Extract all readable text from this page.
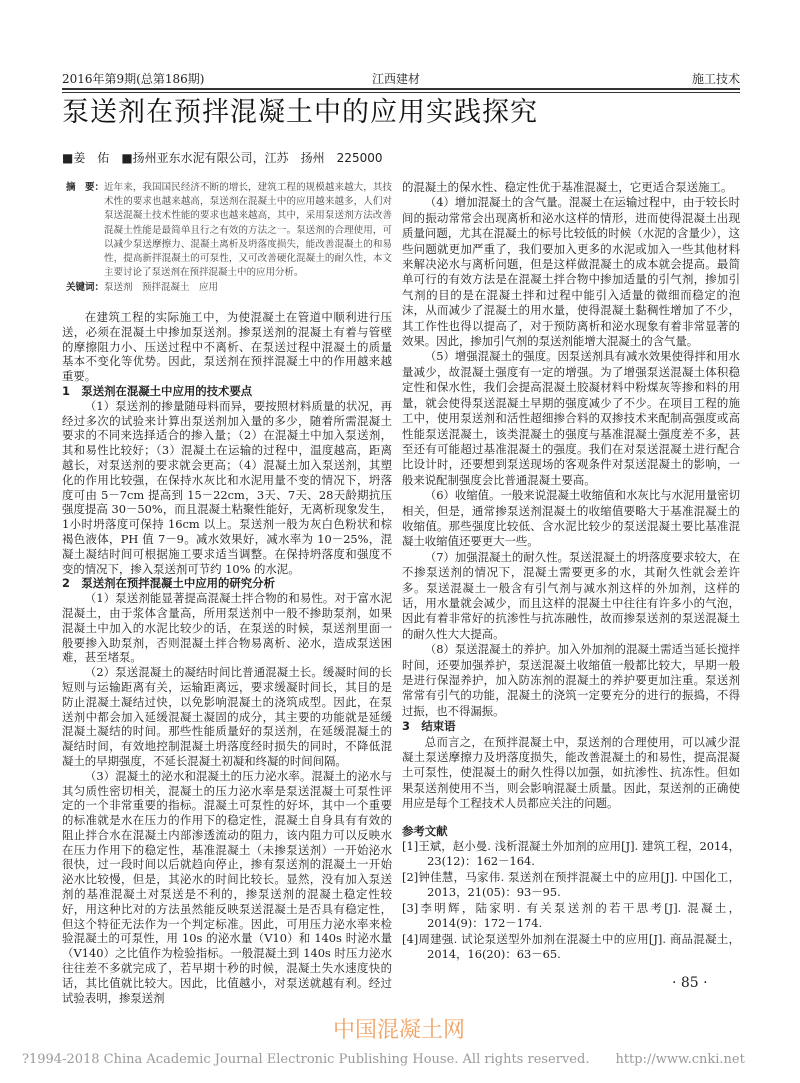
2016年第9期(总第186期)	江西建材	施工技术
泵送剂在预拌混凝土中的应用实践探究
■姜　佑　■扬州亚东水泥有限公司，江苏　扬州　225000
摘　要： 近年来，我国国民经济不断的增长，建筑工程的规模越来越大，其技术性的要求也越来越高，泵送剂在混凝土中的应用越来越多，人们对泵送混凝土技术性能的要求也越来越高，其中，采用泵送剂方法改善混凝土性能是最简单且行之有效的方法之一。泵送剂的合理使用，可以减少泵送摩擦力、混凝土离析及坍落度损失，能改善混凝土的和易性，提高新拌混凝土的可泵性，又可改善硬化混凝土的耐久性，本文主要讨论了泵送剂在预拌混凝土中的应用分析。
关键词： 泵送剂　预拌混凝土　应用

在建筑工程的实际施工中，为使混凝土在管道中顺利进行压送，必须在混凝土中掺加泵送剂。掺泵送剂的混凝土有着与管壁的摩擦阻力小、压送过程中不离析、在泵送过程中混凝土的质量基本不变化等优势。因此，泵送剂在预拌混凝土中的作用越来越重要。

1　泵送剂在混凝土中应用的技术要点

（1）泵送剂的掺量随母料而异，要按照材料质量的状况，再经过多次的试验来计算出泵送剂加入量的多少，随着所需混凝土要求的不同来选择适合的掺入量；（2）在混凝土中加入泵送剂，其和易性比较好；（3）混凝土在运输的过程中，温度越高，距离越长，对泵送剂的要求就会更高；（4）混凝土加入泵送剂，其塑化的作用比较强，在保持水灰比和水泥用量不变的情况下，坍落度可由 5－7cm 提高到 15－22cm，3天、7天、28天龄期抗压强度提高 30－50%，而且混凝土粘聚性能好，无离析现象发生，1小时坍落度可保持 16cm 以上。泵送剂一般为灰白色粉状和棕褐色液体，PH 值 7－9。减水效果好，减水率为 10－25%，混凝土凝结时间可根据施工要求适当调整。在保持坍落度和强度不变的情况下，掺入泵送剂可节约 10% 的水泥。

2　泵送剂在预拌混凝土中应用的研究分析

（1）泵送剂能显著提高混凝土拌合物的和易性。对于富水泥混凝土，由于浆体含量高，所用泵送剂中一般不掺助泵剂，如果混凝土中加入的水泥比较少的话，在泵送的时候，泵送剂里面一般要掺入助泵剂，否则混凝土拌合物易离析、泌水，造成泵送困难，甚至堵泵。

（2）泵送混凝土的凝结时间比普通混凝土长。缓凝时间的长短则与运输距离有关，运输距离远，要求缓凝时间长，其目的是防止混凝土凝结过快，以免影响混凝土的浇筑成型。因此，在泵送剂中都会加入延缓混凝土凝固的成分，其主要的功能就是延缓混凝土凝结的时间。那些性能质量好的泵送剂，在延缓混凝土的凝结时间，有效地控制混凝土坍落度经时损失的同时，不降低混凝土的早期强度，不延长混凝土初凝和终凝的时间间隔。

（3）混凝土的泌水和混凝土的压力泌水率。混凝土的泌水与其匀质性密切相关，混凝土的压力泌水率是泵送混凝土可泵性评定的一个非常重要的指标。混凝土可泵性的好坏，其中一个重要的标准就是水在压力的作用下的稳定性，混凝土自身具有有效的阻止拌合水在混凝土内部渗透流动的阻力，该内阻力可以反映水在压力作用下的稳定性，基准混凝土（未掺泵送剂）一开始泌水很快，过一段时间以后就趋向停止，掺有泵送剂的混凝土一开始泌水比较慢，但是，其泌水的时间比较长。显然，没有加入泵送剂的基准混凝土对泵送是不利的，掺泵送剂的混凝土稳定性较好，用这种比对的方法虽然能反映泵送混凝土是否具有稳定性，但这个特征无法作为一个判定标准。因此，可用压力泌水率来检验混凝土的可泵性，用 10s 的泌水量（V10）和 140s 时泌水量（V140）之比值作为检验指标。一般混凝土到 140s 时压力泌水往往差不多就完成了，若早期十秒的时候，混凝土失水速度快的话，其比值就比较大。因此，比值越小，对泵送就越有利。经过试验表明，掺泵送剂

的混凝土的保水性、稳定性优于基准混凝土，它更适合泵送施工。

（4）增加混凝土的含气量。混凝土在运输过程中，由于较长时间的振动常常会出现离析和泌水这样的情形，进而使得混凝土出现质量问题，尤其在混凝土的标号比较低的时候（水泥的含量少），这些问题就更加严重了，我们要加入更多的水泥或加入一些其他材料来解决泌水与离析问题，但是这样做混凝土的成本就会提高。最简单可行的有效方法是在混凝土拌合物中掺加适量的引气剂，掺加引气剂的目的是在混凝土拌和过程中能引入适量的微细而稳定的泡沫，从而减少了混凝土的用水量，使得混凝土黏稠性增加了不少，其工作性也得以提高了，对于预防离析和泌水现象有着非常显著的效果。因此，掺加引气剂的泵送剂能增大混凝土的含气量。

（5）增强混凝土的强度。因泵送剂具有减水效果使得拌和用水量减少，故混凝土强度有一定的增强。为了增强泵送混凝土体积稳定性和保水性，我们会提高混凝土胶凝材料中粉煤灰等掺和料的用量，就会使得泵送混凝土早期的强度减少了不少。在项目工程的施工中，使用泵送剂和活性超细掺合料的双掺技术来配制高强度或高性能泵送混凝土，该类混凝土的强度与基准混凝土强度差不多，甚至还有可能超过基准混凝土的强度。我们在对泵送混凝土进行配合比设计时，还要想到泵送现场的客观条件对泵送混凝土的影响，一般来说配制强度会比普通混凝土要高。

（6）收缩值。一般来说混凝土收缩值和水灰比与水泥用量密切相关，但是，通常掺泵送剂混凝土的收缩值要略大于基准混凝土的收缩值。那些强度比较低、含水泥比较少的泵送混凝土要比基准混凝土收缩值还要更大一些。

（7）加强混凝土的耐久性。泵送混凝土的坍落度要求较大，在不掺泵送剂的情况下，混凝土需要更多的水，其耐久性就会差许多。泵送混凝土一般含有引气剂与减水剂这样的外加剂，这样的话，用水量就会减少，而且这样的混凝土中往往有许多小的气泡，因此有着非常好的抗渗性与抗冻融性，故而掺泵送剂的泵送混凝土的耐久性大大提高。

（8）泵送混凝土的养护。加入外加剂的混凝土需适当延长搅拌时间，还要加强养护，泵送混凝土收缩值一般都比较大，早期一般是进行保湿养护，加入防冻剂的混凝土的养护要更加注重。泵送剂常常有引气的功能，混凝土的浇筑一定要充分的进行的振捣，不得过振，也不得漏振。

3　结束语

总而言之，在预拌混凝土中，泵送剂的合理使用，可以减少混凝土泵送摩擦力及坍落度损失，能改善混凝土的和易性，提高混凝土可泵性，使混凝土的耐久性得以加强，如抗渗性、抗冻性。但如果泵送剂使用不当，则会影响混凝土质量。因此，泵送剂的正确使用应是每个工程技术人员都应关注的问题。

参考文献

[1]王斌，赵小曼. 浅析混凝土外加剂的应用[J]. 建筑工程，2014，23(12)：162－164.

[2]钟佳慧，马家伟. 泵送剂在预拌混凝土中的应用[J]. 中国化工，2013，21(05)：93－95.

[3]李明辉，陆家明. 有关泵送剂的若干思考[J]. 混凝土，2014(9)：172－174.

[4]周建强. 试论泵送型外加剂在混凝土中的应用[J]. 商品混凝土，2014，16(20)：63－65.

· 85 ·
中国混凝土网
?1994-2018 China Academic Journal Electronic Publishing House. All rights reserved.　　http://www.cnki.net
